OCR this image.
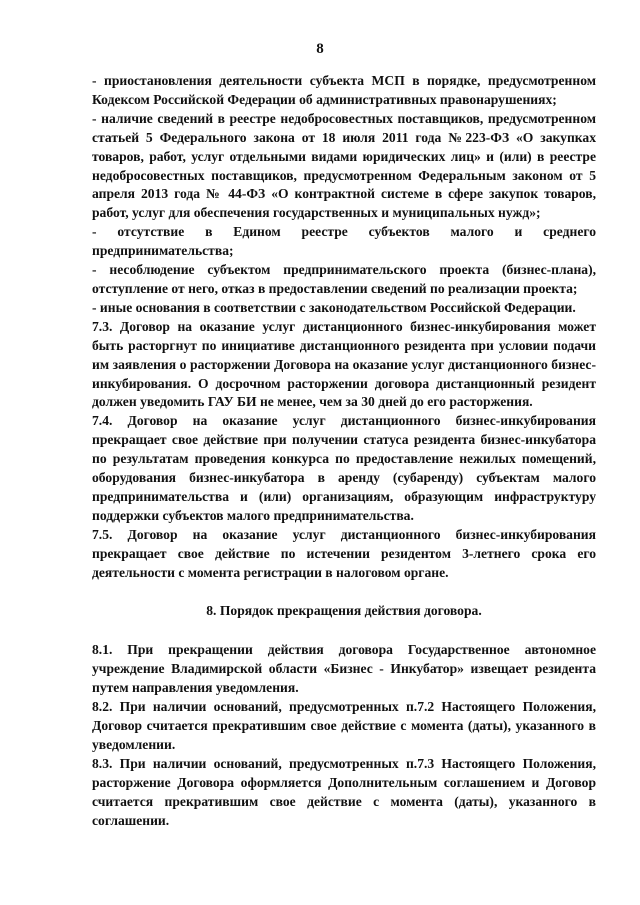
8

- приостановления деятельности субъекта МСП в порядке, предусмотренном Кодексом Российской Федерации об административных правонарушениях;

- наличие сведений в реестре недобросовестных поставщиков, предусмотренном статьей 5 Федерального закона от 18 июля 2011 года №223-ФЗ «О закупках товаров, работ, услуг отдельными видами юридических лиц» и (или) в реестре недобросовестных поставщиков, предусмотренном Федеральным законом от 5 апреля 2013 года № 44-ФЗ «О контрактной системе в сфере закупок товаров, работ, услуг для обеспечения государственных и муниципальных нужд»;

- отсутствие в Едином реестре субъектов малого и среднего предпринимательства;

- несоблюдение субъектом предпринимательского проекта (бизнес-плана), отступление от него, отказ в предоставлении сведений по реализации проекта;

- иные основания в соответствии с законодательством Российской Федерации.

7.3. Договор на оказание услуг дистанционного бизнес-инкубирования может быть расторгнут по инициативе дистанционного резидента при условии подачи им заявления о расторжении Договора на оказание услуг дистанционного бизнес-инкубирования. О досрочном расторжении договора дистанционный резидент должен уведомить ГАУ БИ не менее, чем за 30 дней до его расторжения.

7.4. Договор на оказание услуг дистанционного бизнес-инкубирования прекращает свое действие при получении статуса резидента бизнес-инкубатора по результатам проведения конкурса по предоставление нежилых помещений, оборудования бизнес-инкубатора в аренду (субаренду) субъектам малого предпринимательства и (или) организациям, образующим инфраструктуру поддержки субъектов малого предпринимательства.

7.5. Договор на оказание услуг дистанционного бизнес-инкубирования прекращает свое действие по истечении резидентом 3-летнего срока его деятельности с момента регистрации в налоговом органе.

8. Порядок прекращения действия договора.

8.1. При прекращении действия договора Государственное автономное учреждение Владимирской области «Бизнес - Инкубатор» извещает резидента путем направления уведомления.

8.2. При наличии оснований, предусмотренных п.7.2 Настоящего Положения, Договор считается прекратившим свое действие с момента (даты), указанного в уведомлении.

8.3. При наличии оснований, предусмотренных п.7.3 Настоящего Положения, расторжение Договора оформляется Дополнительным соглашением и Договор считается прекратившим свое действие с момента (даты), указанного в соглашении.
